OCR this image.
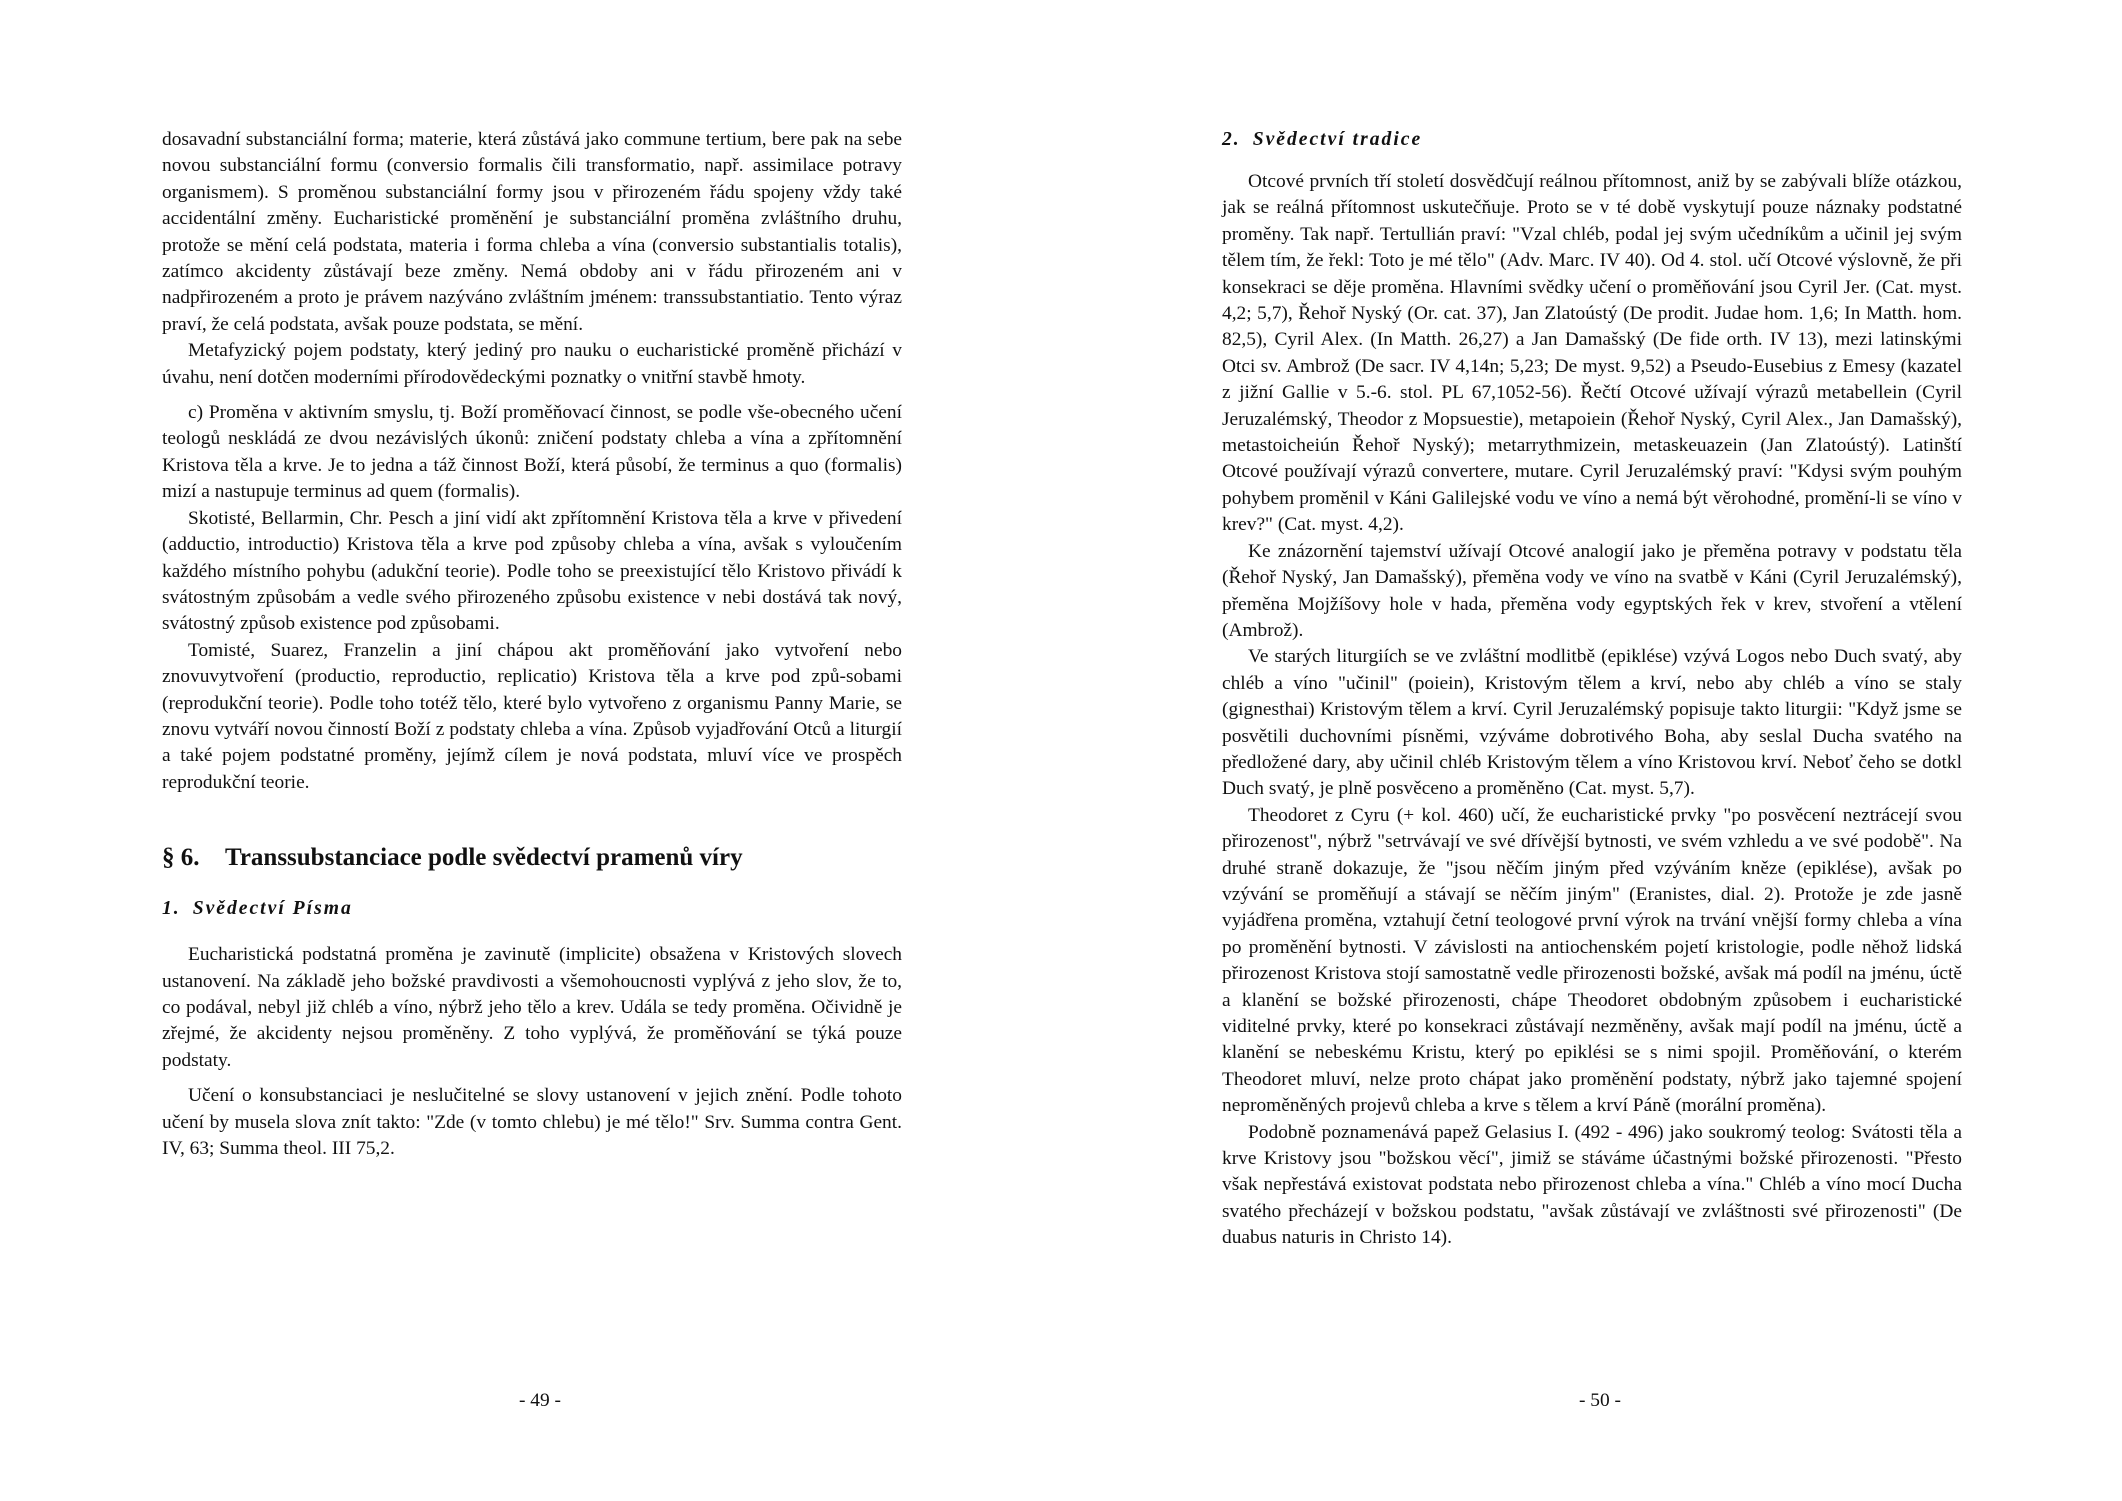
dosavadní substanciální forma; materie, která zůstává jako commune tertium, bere pak na sebe novou substanciální formu (conversio formalis čili transformatio, např. assimilace potravy organismem). S proměnou substanciální formy jsou v přirozeném řádu spojeny vždy také accidentální změny. Eucharistické proměnění je substanciální proměna zvláštního druhu, protože se mění celá podstata, materia i forma chleba a vína (conversio substantialis totalis), zatímco akcidenty zůstávají beze změny. Nemá obdoby ani v řádu přirozeném ani v nadpřirozeném a proto je právem nazýváno zvláštním jménem: transsubstantiatio. Tento výraz praví, že celá podstata, avšak pouze podstata, se mění.

Metafyzický pojem podstaty, který jediný pro nauku o eucharistické proměně přichází v úvahu, není dotčen moderními přírodovědeckými poznatky o vnitřní stavbě hmoty.

c) Proměna v aktivním smyslu, tj. Boží proměňovací činnost, se podle vše-obecného učení teologů neskládá ze dvou nezávislých úkonů: zničení podstaty chleba a vína a zpřítomnění Kristova těla a krve. Je to jedna a táž činnost Boží, která působí, že terminus a quo (formalis) mizí a nastupuje terminus ad quem (formalis).

Skotisté, Bellarmin, Chr. Pesch a jiní vidí akt zpřítomnění Kristova těla a krve v přivedení (adductio, introductio) Kristova těla a krve pod způsoby chleba a vína, avšak s vyloučením každého místního pohybu (adukční teorie). Podle toho se preexistující tělo Kristovo přivádí k svátostným způsobám a vedle svého přirozeného způsobu existence v nebi dostává tak nový, svátostný způsob existence pod způsobami.

Tomisté, Suarez, Franzelin a jiní chápou akt proměňování jako vytvoření nebo znovuvytvoření (productio, reproductio, replicatio) Kristova těla a krve pod způ-sobami (reprodukční teorie). Podle toho totéž tělo, které bylo vytvořeno z organismu Panny Marie, se znovu vytváří novou činností Boží z podstaty chleba a vína. Způsob vyjadřování Otců a liturgií a také pojem podstatné proměny, jejímž cílem je nová podstata, mluví více ve prospěch reprodukční teorie.

§ 6. Transsubstanciace podle svědectví pramenů víry
1. Svědectví Písma

Eucharistická podstatná proměna je zavinutě (implicite) obsažena v Kristových slovech ustanovení. Na základě jeho božské pravdivosti a všemohoucnosti vyplývá z jeho slov, že to, co podával, nebyl již chléb a víno, nýbrž jeho tělo a krev. Udála se tedy proměna. Očividně je zřejmé, že akcidenty nejsou proměněny. Z toho vyplývá, že proměňování se týká pouze podstaty.

Učení o konsubstanciaci je neslučitelné se slovy ustanovení v jejich znění. Podle tohoto učení by musela slova znít takto: "Zde (v tomto chlebu) je mé tělo!" Srv. Summa contra Gent. IV, 63; Summa theol. III 75,2.

- 49 -
2. Svědectví tradice

Otcové prvních tří století dosvědčují reálnou přítomnost, aniž by se zabývali blíže otázkou, jak se reálná přítomnost uskutečňuje. Proto se v té době vyskytují pouze náznaky podstatné proměny. Tak např. Tertullián praví: "Vzal chléb, podal jej svým učedníkům a učinil jej svým tělem tím, že řekl: Toto je mé tělo" (Adv. Marc. IV 40). Od 4. stol. učí Otcové výslovně, že při konsekraci se děje proměna. Hlavními svědky učení o proměňování jsou Cyril Jer. (Cat. myst. 4,2; 5,7), Řehoř Nyský (Or. cat. 37), Jan Zlatoústý (De prodit. Judae hom. 1,6; In Matth. hom. 82,5), Cyril Alex. (In Matth. 26,27) a Jan Damašský (De fide orth. IV 13), mezi latinskými Otci sv. Ambrož (De sacr. IV 4,14n; 5,23; De myst. 9,52) a Pseudo-Eusebius z Emesy (kazatel z jižní Gallie v 5.-6. stol. PL 67,1052-56). Řečtí Otcové užívají výrazů metabellein (Cyril Jeruzalémský, Theodor z Mopsuestie), metapoiein (Řehoř Nyský, Cyril Alex., Jan Damašský), metastoicheiún Řehoř Nyský); metarrythmizein, metaskeuazein (Jan Zlatoústý). Latinští Otcové používají výrazů convertere, mutare. Cyril Jeruzalémský praví: "Kdysi svým pouhým pohybem proměnil v Káni Galilejské vodu ve víno a nemá být věrohodné, promění-li se víno v krev?" (Cat. myst. 4,2).

Ke znázornění tajemství užívají Otcové analogií jako je přeměna potravy v podstatu těla (Řehoř Nyský, Jan Damašský), přeměna vody ve víno na svatbě v Káni (Cyril Jeruzalémský), přeměna Mojžíšovy hole v hada, přeměna vody egyptských řek v krev, stvoření a vtělení (Ambrož).

Ve starých liturgiích se ve zvláštní modlitbě (epiklése) vzývá Logos nebo Duch svatý, aby chléb a víno "učinil" (poiein), Kristovým tělem a krví, nebo aby chléb a víno se staly (gignesthai) Kristovým tělem a krví. Cyril Jeruzalémský popisuje takto liturgii: "Když jsme se posvětili duchovními písněmi, vzýváme dobrotivého Boha, aby seslal Ducha svatého na předložené dary, aby učinil chléb Kristovým tělem a víno Kristovou krví. Neboť čeho se dotkl Duch svatý, je plně posvěceno a proměněno (Cat. myst. 5,7).

Theodoret z Cyru (+ kol. 460) učí, že eucharistické prvky "po posvěcení neztrácejí svou přirozenost", nýbrž "setrvávají ve své dřívější bytnosti, ve svém vzhledu a ve své podobě". Na druhé straně dokazuje, že "jsou něčím jiným před vzýváním kněze (epiklése), avšak po vzývání se proměňují a stávají se něčím jiným" (Eranistes, dial. 2). Protože je zde jasně vyjádřena proměna, vztahují četní teologové první výrok na trvání vnější formy chleba a vína po proměnění bytnosti. V závislosti na antiochenském pojetí kristologie, podle něhož lidská přirozenost Kristova stojí samostatně vedle přirozenosti božské, avšak má podíl na jménu, úctě a klanění se božské přirozenosti, chápe Theodoret obdobným způsobem i eucharistické viditelné prvky, které po konsekraci zůstávají nezměněny, avšak mají podíl na jménu, úctě a klanění se nebeskému Kristu, který po epiklési se s nimi spojil. Proměňování, o kterém Theodoret mluví, nelze proto chápat jako proměnění podstaty, nýbrž jako tajemné spojení neproměněných projevů chleba a krve s tělem a krví Páně (morální proměna).

Podobně poznamenává papež Gelasius I. (492 - 496) jako soukromý teolog: Svátosti těla a krve Kristovy jsou "božskou věcí", jimiž se stáváme účastnými božské přirozenosti. "Přesto však nepřestává existovat podstata nebo přirozenost chleba a vína." Chléb a víno mocí Ducha svatého přecházejí v božskou podstatu, "avšak zůstávají ve zvláštnosti své přirozenosti" (De duabus naturis in Christo 14).

- 50 -
